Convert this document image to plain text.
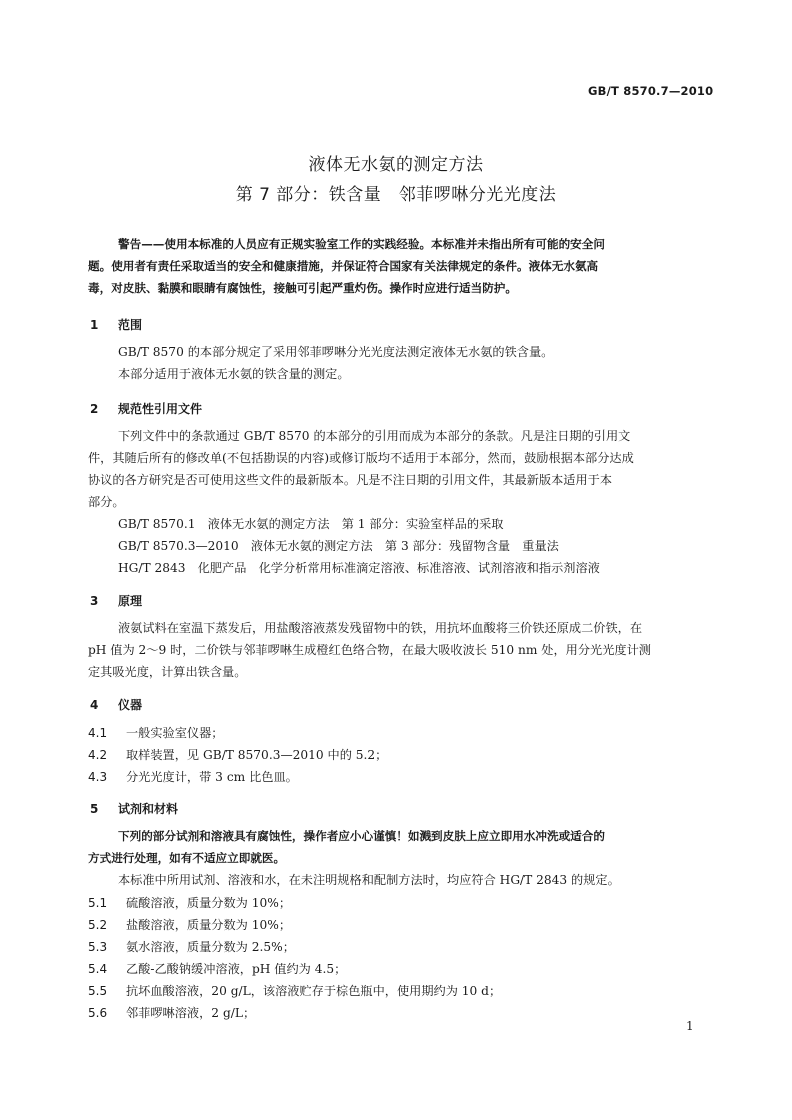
GB/T 8570.7—2010
液体无水氨的测定方法
第 7 部分：铁含量　邻菲啰啉分光光度法
警告——使用本标准的人员应有正规实验室工作的实践经验。本标准并未指出所有可能的安全问
题。使用者有责任采取适当的安全和健康措施，并保证符合国家有关法律规定的条件。液体无水氨高
毒，对皮肤、黏膜和眼睛有腐蚀性，接触可引起严重灼伤。操作时应进行适当防护。
1 范围
GB/T 8570 的本部分规定了采用邻菲啰啉分光光度法测定液体无水氨的铁含量。
本部分适用于液体无水氨的铁含量的测定。
2 规范性引用文件
下列文件中的条款通过 GB/T 8570 的本部分的引用而成为本部分的条款。凡是注日期的引用文
件，其随后所有的修改单(不包括勘误的内容)或修订版均不适用于本部分，然而，鼓励根据本部分达成
协议的各方研究是否可使用这些文件的最新版本。凡是不注日期的引用文件，其最新版本适用于本
部分。
GB/T 8570.1　液体无水氨的测定方法　第 1 部分：实验室样品的采取
GB/T 8570.3—2010　液体无水氨的测定方法　第 3 部分：残留物含量　重量法
HG/T 2843　化肥产品　化学分析常用标准滴定溶液、标准溶液、试剂溶液和指示剂溶液
3 原理
液氨试料在室温下蒸发后，用盐酸溶液蒸发残留物中的铁，用抗坏血酸将三价铁还原成二价铁，在
pH 值为 2～9 时，二价铁与邻菲啰啉生成橙红色络合物，在最大吸收波长 510 nm 处，用分光光度计测
定其吸光度，计算出铁含量。
4 仪器
4.1 一般实验室仪器；
4.2 取样装置，见 GB/T 8570.3—2010 中的 5.2；
4.3 分光光度计，带 3 cm 比色皿。
5 试剂和材料
下列的部分试剂和溶液具有腐蚀性，操作者应小心谨慎！如溅到皮肤上应立即用水冲洗或适合的
方式进行处理，如有不适应立即就医。
本标准中所用试剂、溶液和水，在未注明规格和配制方法时，均应符合 HG/T 2843 的规定。
5.1 硫酸溶液，质量分数为 10%；
5.2 盐酸溶液，质量分数为 10%；
5.3 氨水溶液，质量分数为 2.5%；
5.4 乙酸-乙酸钠缓冲溶液，pH 值约为 4.5；
5.5 抗坏血酸溶液，20 g/L，该溶液贮存于棕色瓶中，使用期约为 10 d；
5.6 邻菲啰啉溶液，2 g/L；
1
